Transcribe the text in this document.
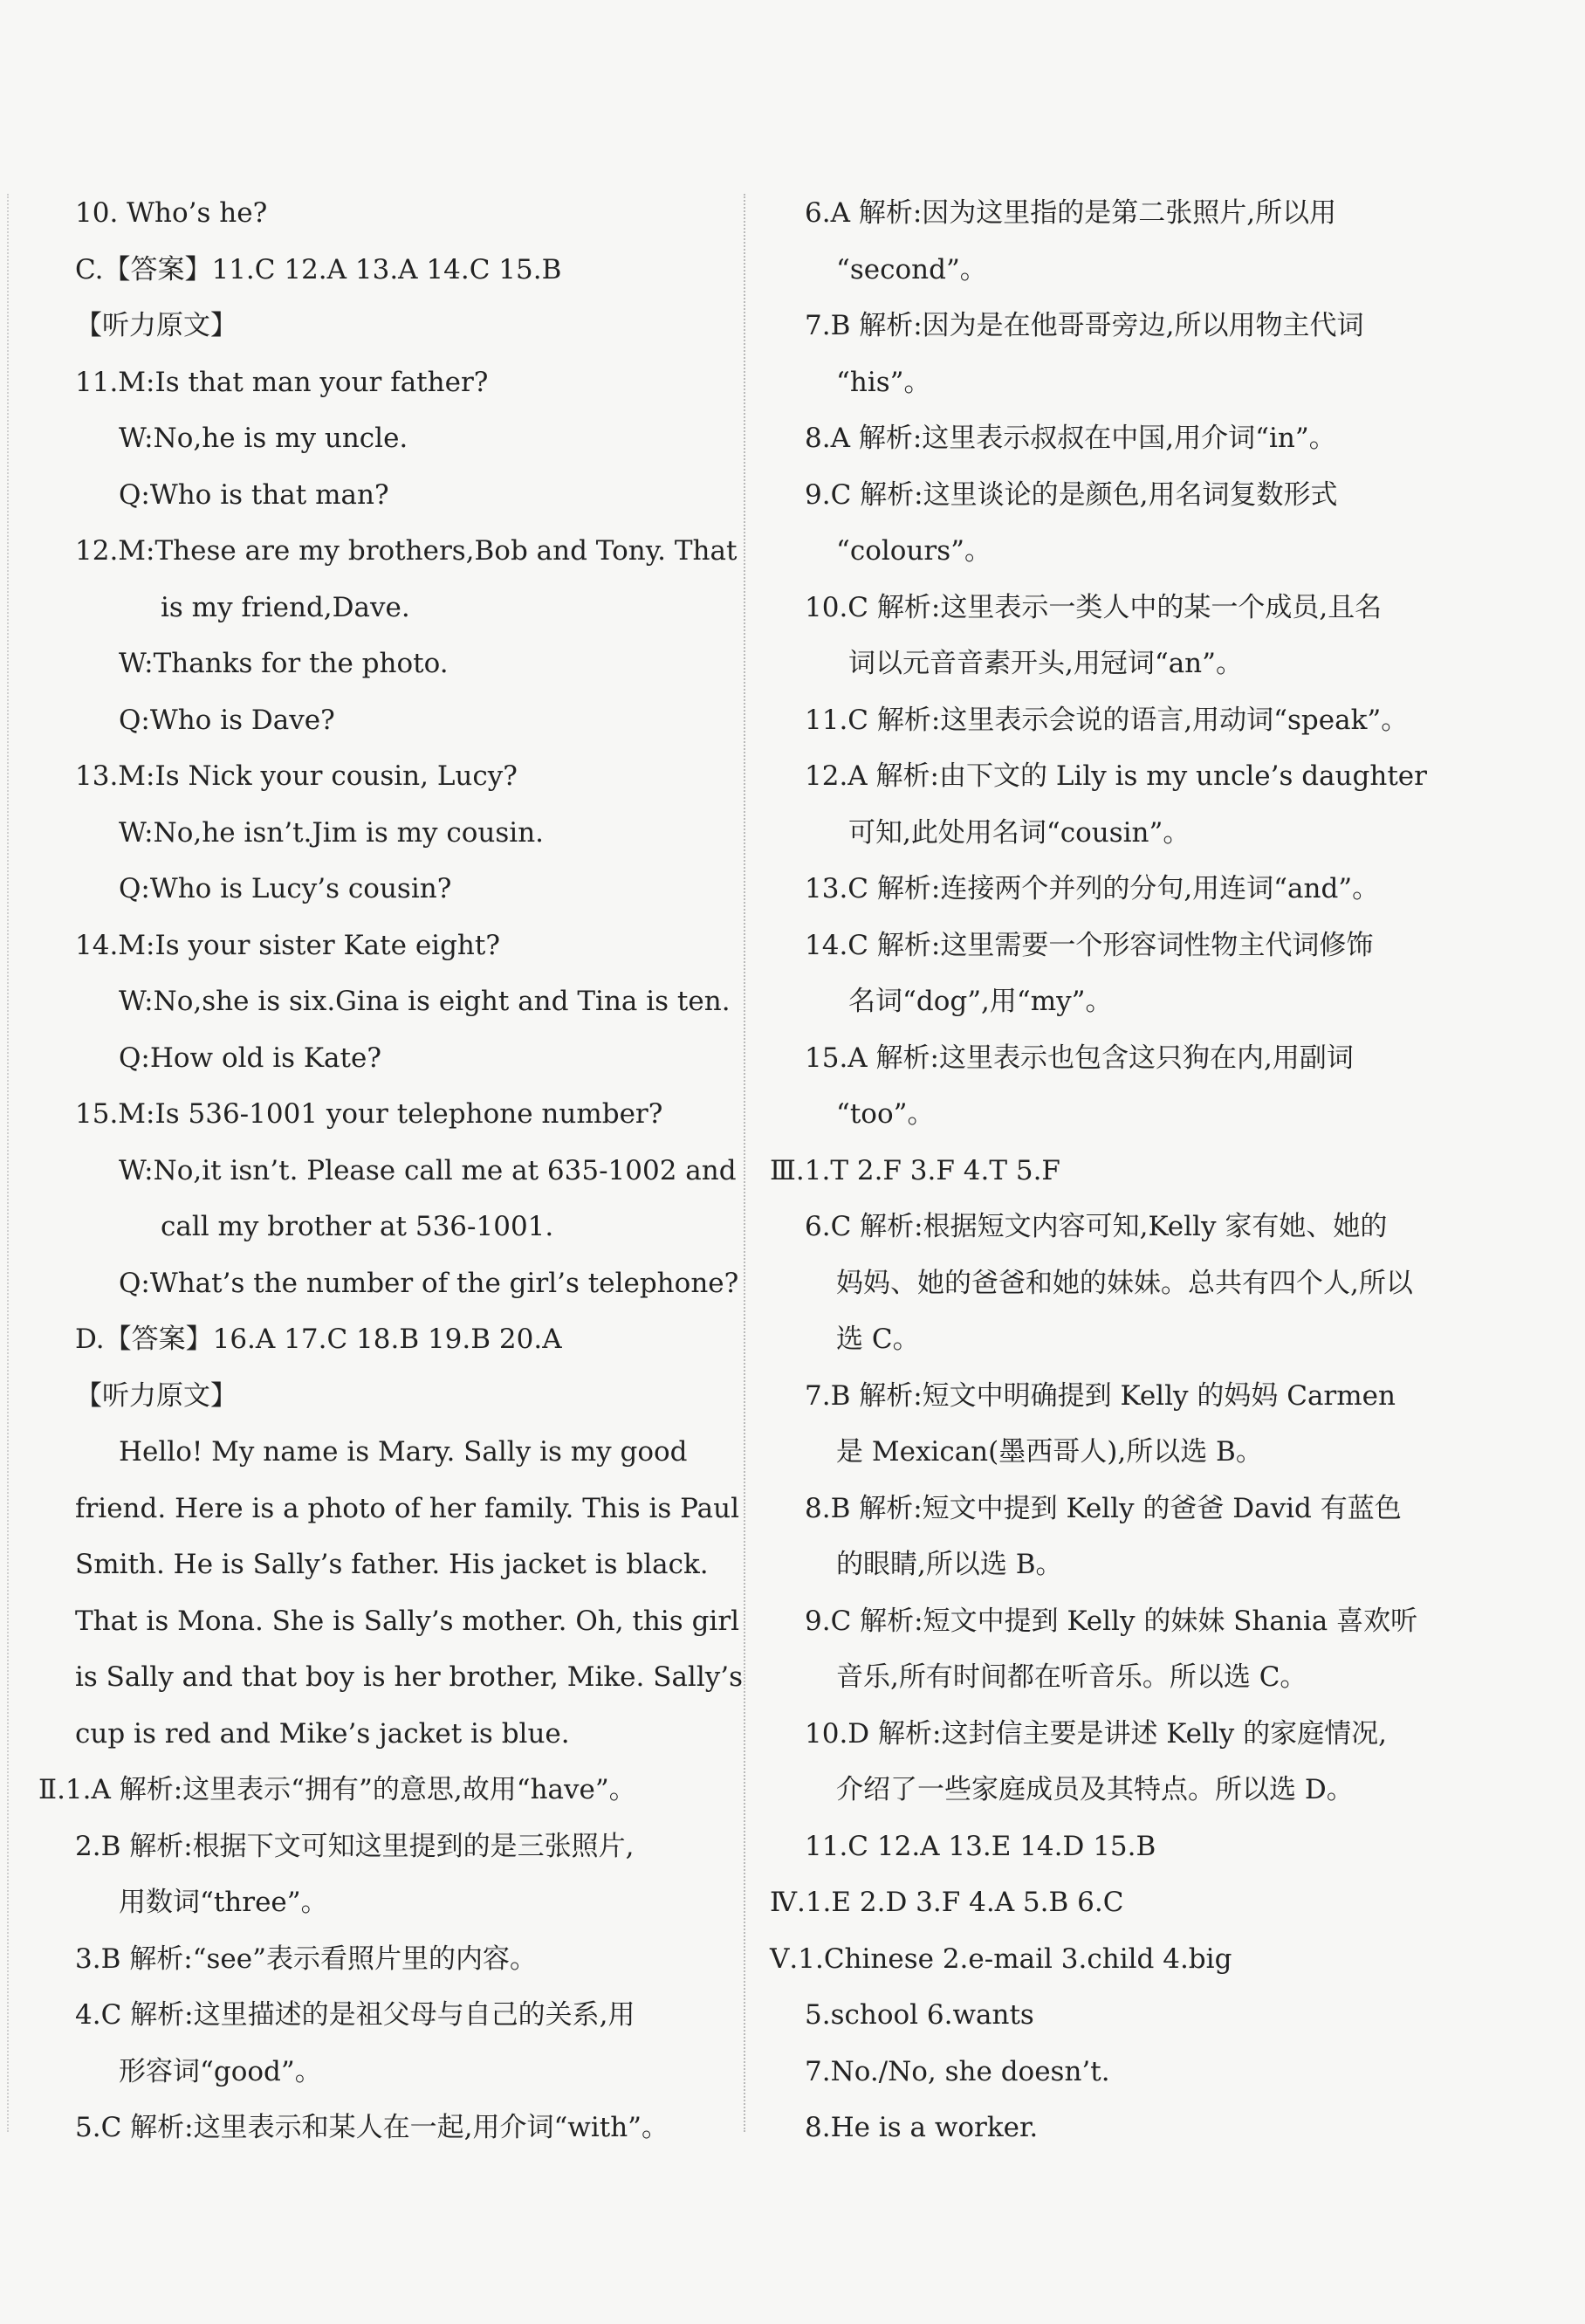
10. Who’s he?
C.【答案】11.C 12.A 13.A 14.C 15.B
【听力原文】
11.M:Is that man your father?
W:No,he is my uncle.
Q:Who is that man?
12.M:These are my brothers,Bob and Tony. That
is my friend,Dave.
W:Thanks for the photo.
Q:Who is Dave?
13.M:Is Nick your cousin, Lucy?
W:No,he isn’t.Jim is my cousin.
Q:Who is Lucy’s cousin?
14.M:Is your sister Kate eight?
W:No,she is six.Gina is eight and Tina is ten.
Q:How old is Kate?
15.M:Is 536-1001 your telephone number?
W:No,it isn’t. Please call me at 635-1002 and
call my brother at 536-1001.
Q:What’s the number of the girl’s telephone?
D.【答案】16.A 17.C 18.B 19.B 20.A
【听力原文】
Hello! My name is Mary. Sally is my good
friend. Here is a photo of her family. This is Paul
Smith. He is Sally’s father. His jacket is black.
That is Mona. She is Sally’s mother. Oh, this girl
is Sally and that boy is her brother, Mike. Sally’s
cup is red and Mike’s jacket is blue.
Ⅱ.1.A 解析:这里表示“拥有”的意思,故用“have”。
2.B 解析:根据下文可知这里提到的是三张照片,
用数词“three”。
3.B 解析:“see”表示看照片里的内容。
4.C 解析:这里描述的是祖父母与自己的关系,用
形容词“good”。
5.C 解析:这里表示和某人在一起,用介词“with”。
6.A 解析:因为这里指的是第二张照片,所以用
“second”。
7.B 解析:因为是在他哥哥旁边,所以用物主代词
“his”。
8.A 解析:这里表示叔叔在中国,用介词“in”。
9.C 解析:这里谈论的是颜色,用名词复数形式
“colours”。
10.C 解析:这里表示一类人中的某一个成员,且名
词以元音音素开头,用冠词“an”。
11.C 解析:这里表示会说的语言,用动词“speak”。
12.A 解析:由下文的 Lily is my uncle’s daughter
可知,此处用名词“cousin”。
13.C 解析:连接两个并列的分句,用连词“and”。
14.C 解析:这里需要一个形容词性物主代词修饰
名词“dog”,用“my”。
15.A 解析:这里表示也包含这只狗在内,用副词
“too”。
Ⅲ.1.T 2.F 3.F 4.T 5.F
6.C 解析:根据短文内容可知,Kelly 家有她、她的
妈妈、她的爸爸和她的妹妹。总共有四个人,所以
选 C。
7.B 解析:短文中明确提到 Kelly 的妈妈 Carmen
是 Mexican(墨西哥人),所以选 B。
8.B 解析:短文中提到 Kelly 的爸爸 David 有蓝色
的眼睛,所以选 B。
9.C 解析:短文中提到 Kelly 的妹妹 Shania 喜欢听
音乐,所有时间都在听音乐。所以选 C。
10.D 解析:这封信主要是讲述 Kelly 的家庭情况,
介绍了一些家庭成员及其特点。所以选 D。
11.C 12.A 13.E 14.D 15.B
Ⅳ.1.E 2.D 3.F 4.A 5.B 6.C
Ⅴ.1.Chinese 2.e-mail 3.child 4.big
5.school 6.wants
7.No./No, she doesn’t.
8.He is a worker.
